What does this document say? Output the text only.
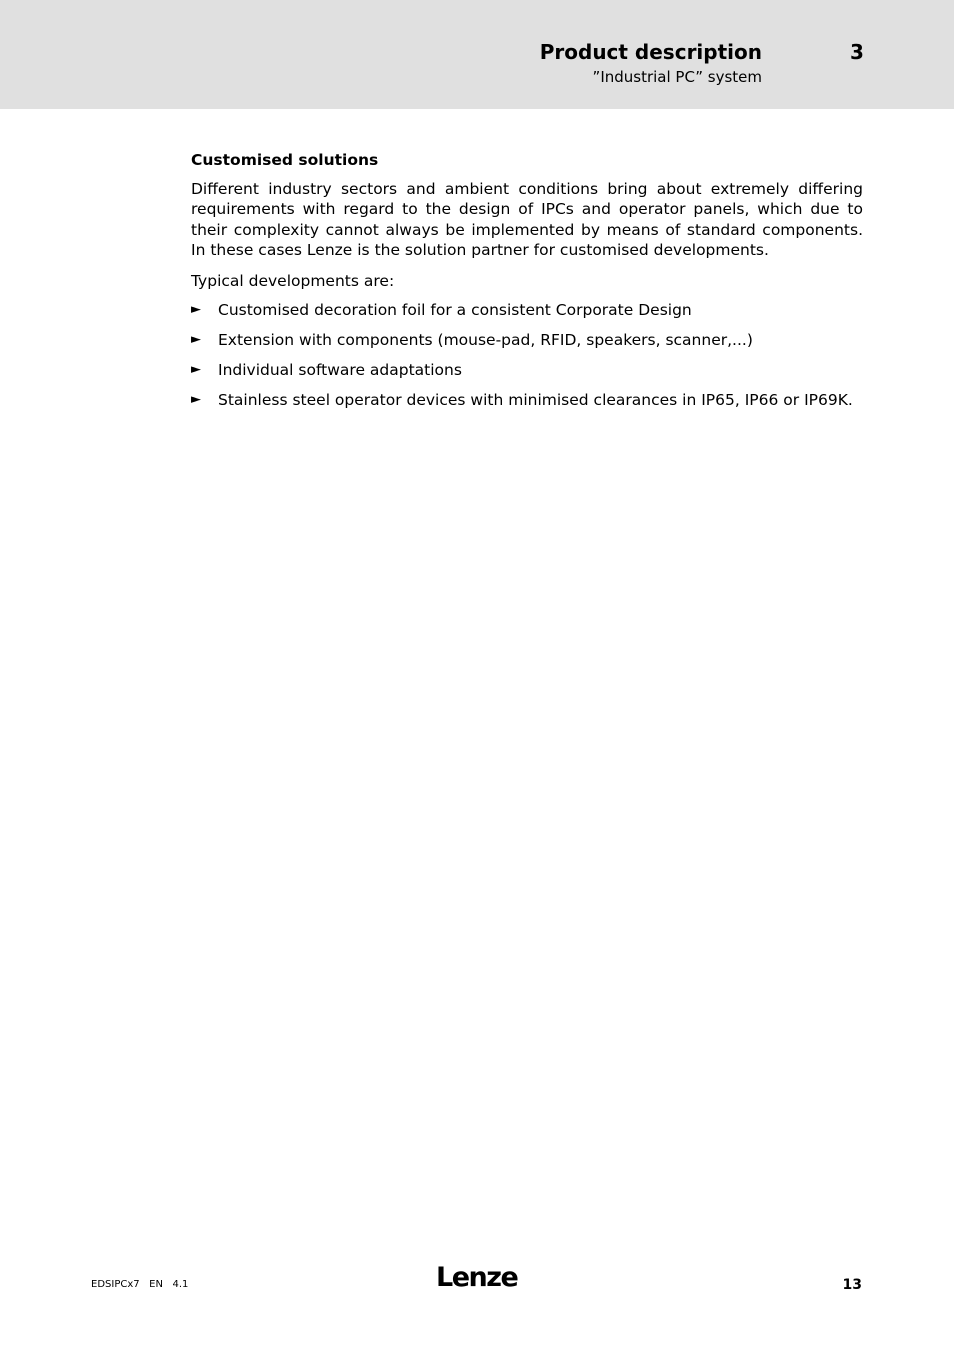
Product description	3
”Industrial PC” system
Customised solutions

Different industry sectors and ambient conditions bring about extremely differing requirements with regard to the design of IPCs and operator panels, which due to their complexity cannot always be implemented by means of standard components. In these cases Lenze is the solution partner for customised developments.

Typical developments are:

► Customised decoration foil for a consistent Corporate Design
► Extension with components (mouse-pad, RFID, speakers, scanner,...)
► Individual software adaptations
► Stainless steel operator devices with minimised clearances in IP65, IP66 or IP69K.
EDSIPCx7   EN   4.1	Lenze	13
